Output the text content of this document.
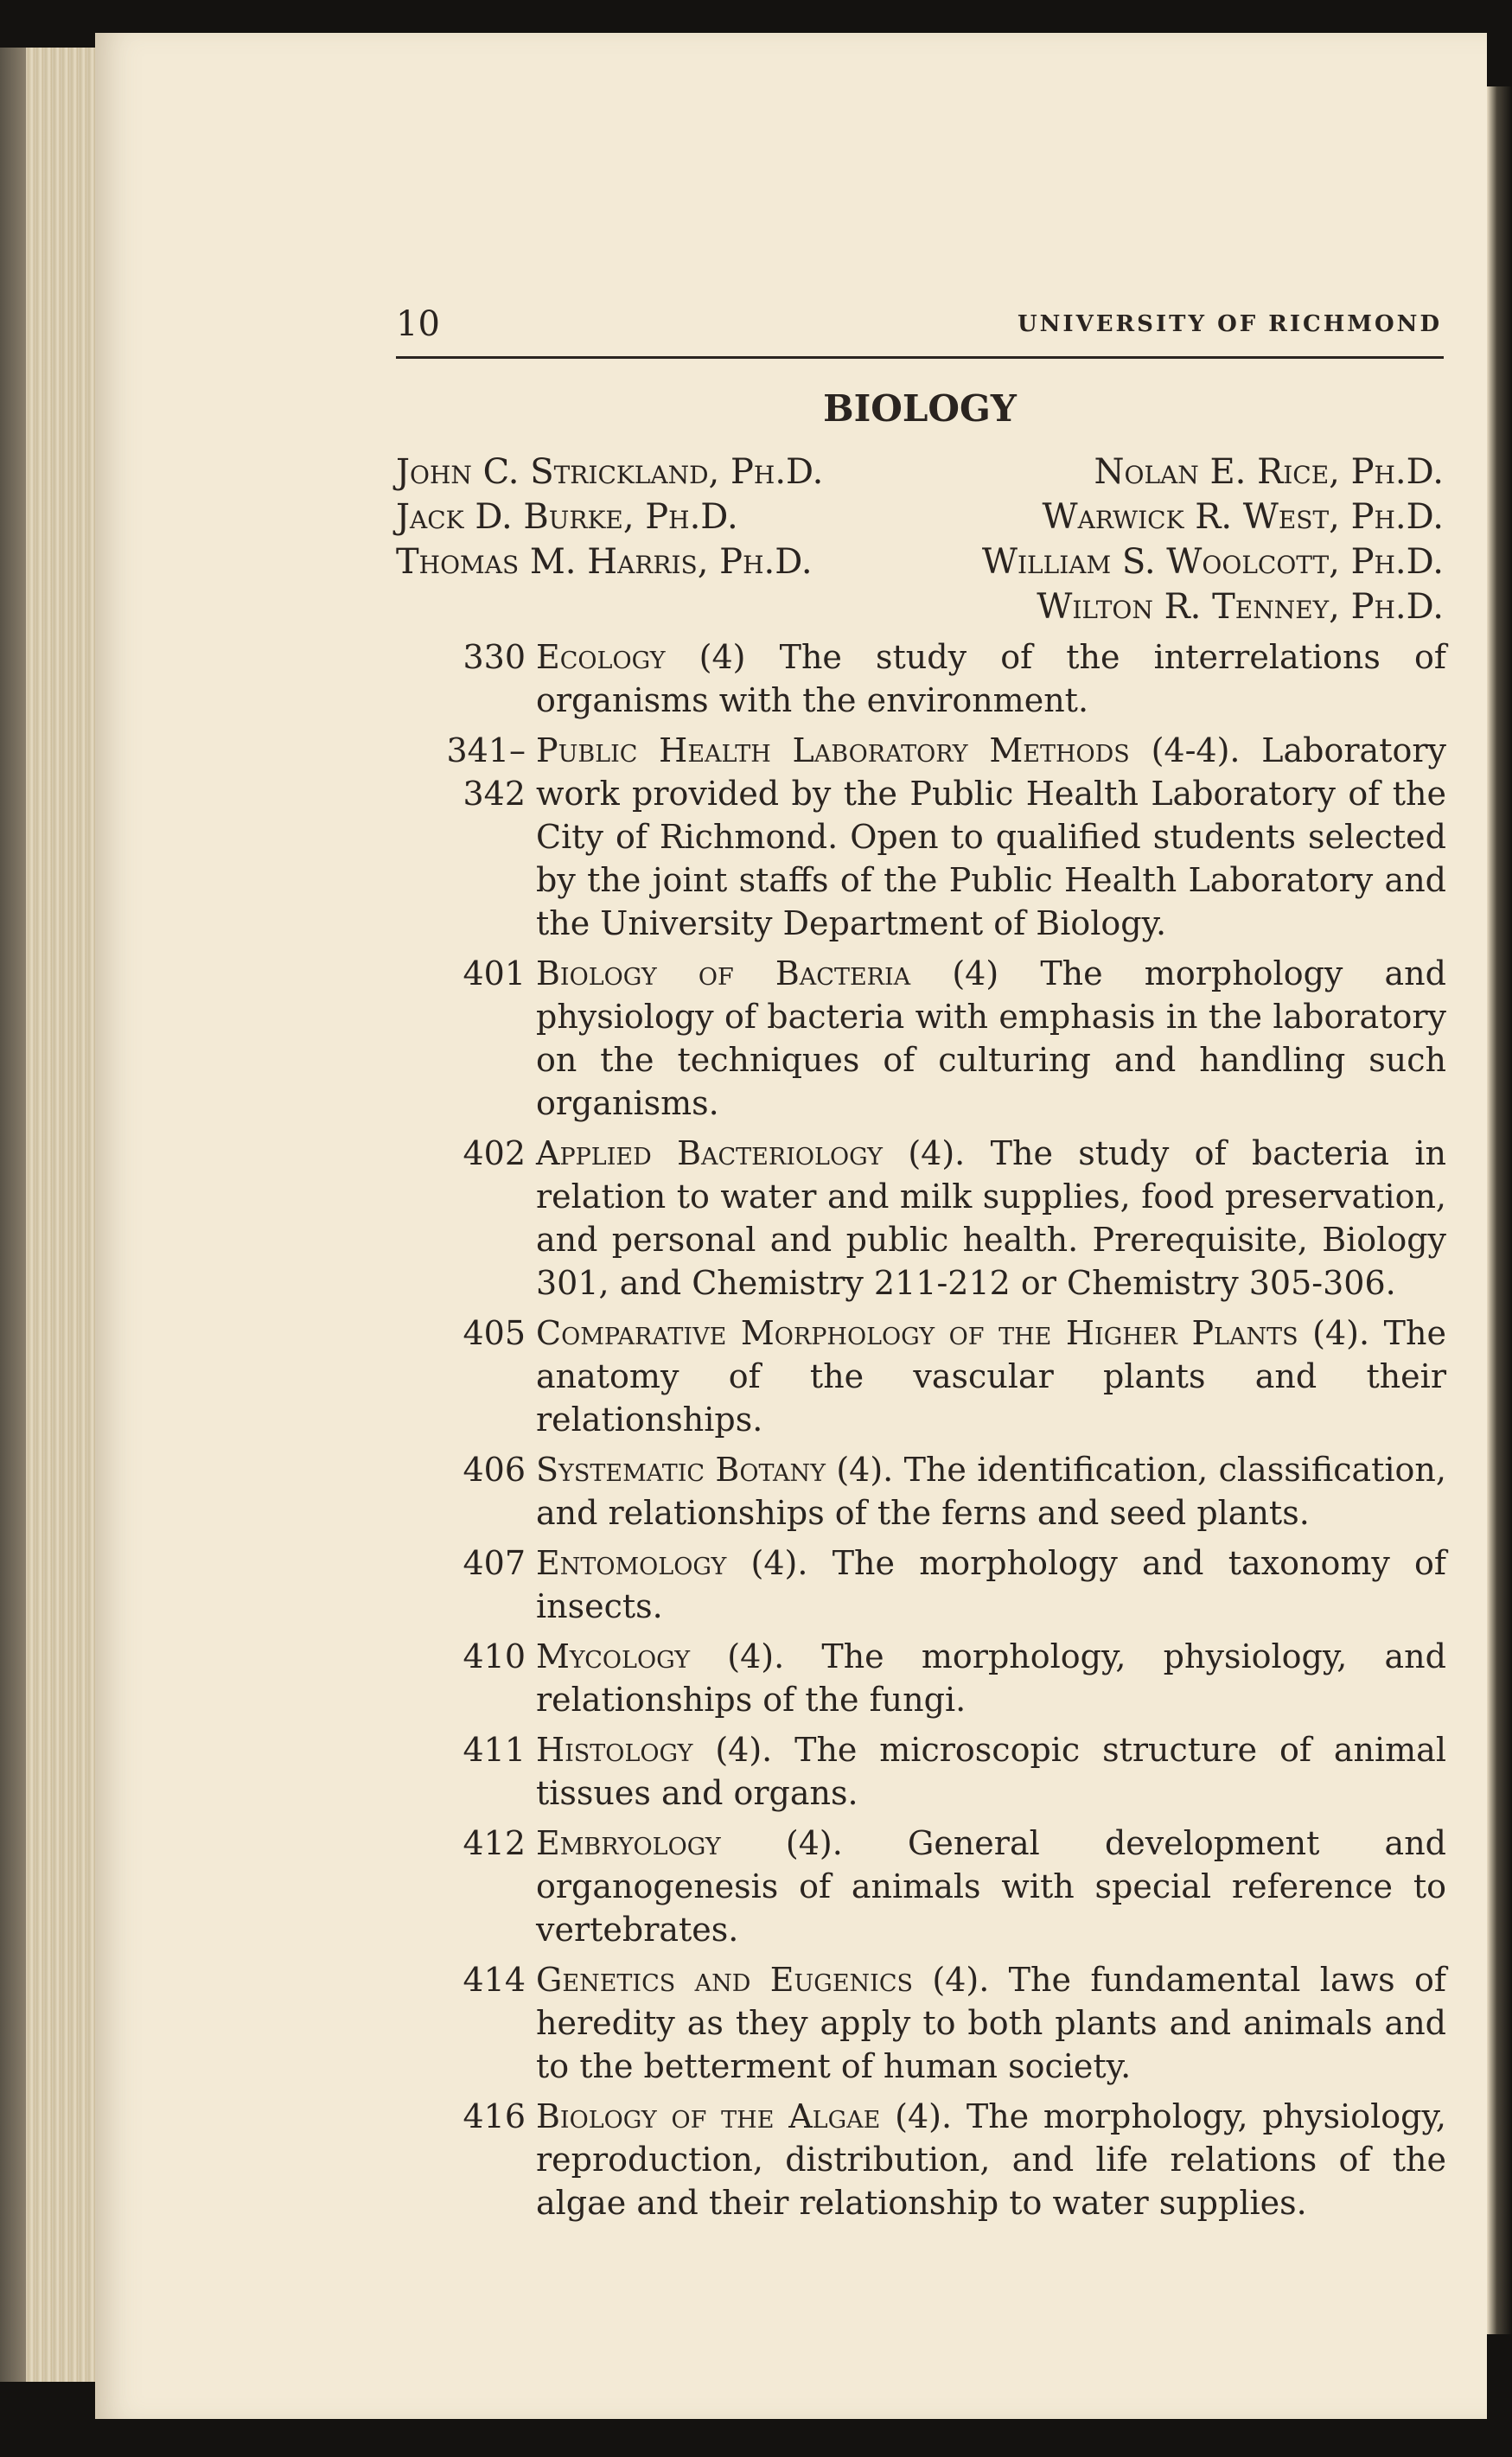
10	UNIVERSITY OF RICHMOND
BIOLOGY
John C. Strickland, Ph.D.
Jack D. Burke, Ph.D.
Thomas M. Harris, Ph.D.
Nolan E. Rice, Ph.D.
Warwick R. West, Ph.D.
William S. Woolcott, Ph.D.
Wilton R. Tenney, Ph.D.
330 Ecology (4) The study of the interrelations of organisms with the environment.
341–342
Public Health Laboratory Methods (4-4). Laboratory work provided by the Public Health Laboratory of the City of Richmond. Open to qualified students selected by the joint staffs of the Public Health Laboratory and the University Department of Biology.
401 Biology of Bacteria (4) The morphology and physiology of bacteria with emphasis in the laboratory on the techniques of culturing and handling such organisms.
402 Applied Bacteriology (4). The study of bacteria in relation to water and milk supplies, food preservation, and personal and public health. Prerequisite, Biology 301, and Chemistry 211-212 or Chemistry 305-306.
405 Comparative Morphology of the Higher Plants (4). The anatomy of the vascular plants and their relationships.
406 Systematic Botany (4). The identification, classification, and relationships of the ferns and seed plants.
407 Entomology (4). The morphology and taxonomy of insects.
410 Mycology (4). The morphology, physiology, and relationships of the fungi.
411 Histology (4). The microscopic structure of animal tissues and organs.
412 Embryology (4). General development and organogenesis of animals with special reference to vertebrates.
414 Genetics and Eugenics (4). The fundamental laws of heredity as they apply to both plants and animals and to the betterment of human society.
416 Biology of the Algae (4). The morphology, physiology, reproduction, distribution, and life relations of the algae and their relationship to water supplies.
